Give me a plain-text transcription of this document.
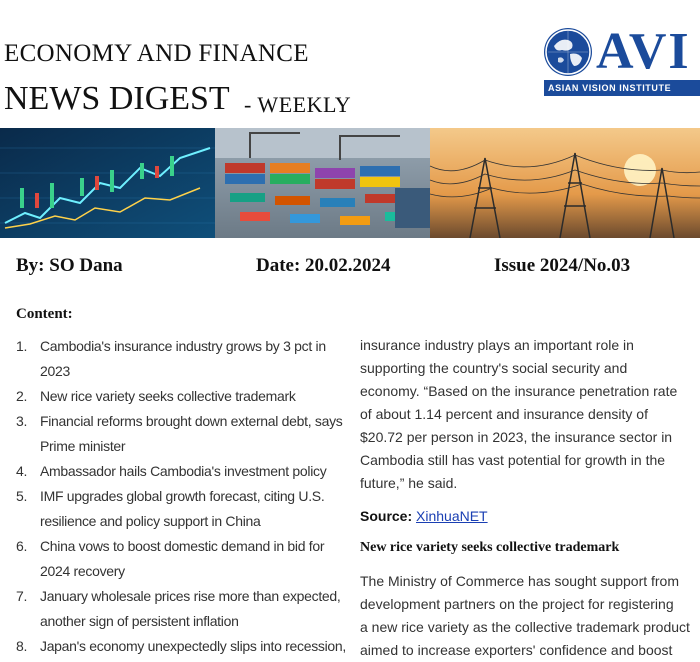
ECONOMY AND FINANCE
NEWS DIGEST - WEEKLY
AVI
ASIAN VISION INSTITUTE
By: SO Dana	Date: 20.02.2024	Issue 2024/No.03
Content:
1. Cambodia's insurance industry grows by 3 pct in
2023
2. New rice variety seeks collective trademark
3. Financial reforms brought down external debt, says
Prime minister
4. Ambassador hails Cambodia's investment policy
5. IMF upgrades global growth forecast, citing U.S.
resilience and policy support in China
6. China vows to boost domestic demand in bid for
2024 recovery
7. January wholesale prices rise more than expected,
another sign of persistent inflation
8. Japan's economy unexpectedly slips into recession,
insurance industry plays an important role in
supporting the country's social security and
economy. “Based on the insurance penetration rate
of about 1.14 percent and insurance density of
$20.72 per person in 2023, the insurance sector in
Cambodia still has vast potential for growth in the
future,” he said.
Source: XinhuaNET
New rice variety seeks collective trademark
The Ministry of Commerce has sought support from
development partners on the project for registering
a new rice variety as the collective trademark product
aimed to increase exporters' confidence and boost
